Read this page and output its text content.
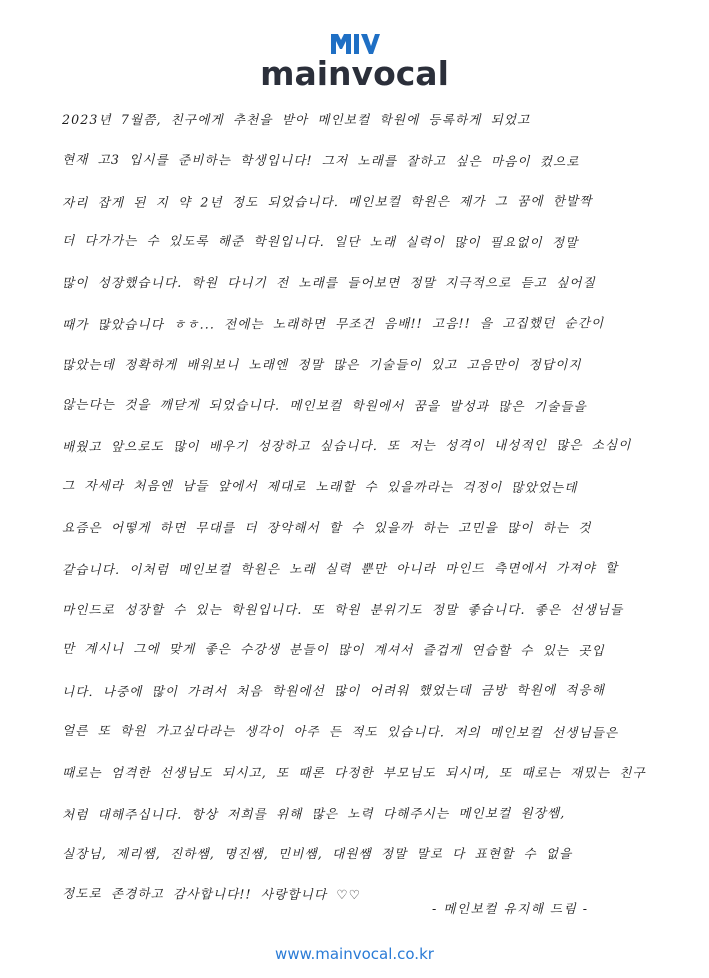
mainvocal
2023년 7월쯤, 친구에게 추천을 받아 메인보컬 학원에 등록하게 되었고
현재 고3 입시를 준비하는 학생입니다! 그저 노래를 잘하고 싶은 마음이 컸으로
자리 잡게 된 지 약 2년 정도 되었습니다. 메인보컬 학원은 제가 그 꿈에 한발짝
더 다가가는 수 있도록 해준 학원입니다. 일단 노래 실력이 많이 필요없이 정말
많이 성장했습니다. 학원 다니기 전 노래를 들어보면 정말 지극적으로 듣고 싶어질
때가 많았습니다 ㅎㅎ... 전에는 노래하면 무조건 음배!! 고음!! 을 고집했던 순간이
많았는데 정확하게 배워보니 노래엔 정말 많은 기술들이 있고 고음만이 정답이지
않는다는 것을 깨닫게 되었습니다. 메인보컬 학원에서 꿈을 발성과 많은 기술들을
배웠고 앞으로도 많이 배우기 성장하고 싶습니다. 또 저는 성격이 내성적인 많은 소심이
그 자세라 처음엔 남들 앞에서 제대로 노래할 수 있을까라는 걱정이 많았었는데
요즘은 어떻게 하면 무대를 더 장악해서 할 수 있을까 하는 고민을 많이 하는 것
같습니다. 이처럼 메인보컬 학원은 노래 실력 뿐만 아니라 마인드 측면에서 가져야 할
마인드로 성장할 수 있는 학원입니다. 또 학원 분위기도 정말 좋습니다. 좋은 선생님들
만 계시니 그에 맞게 좋은 수강생 분들이 많이 계셔서 즐겁게 연습할 수 있는 곳입
니다. 나중에 많이 가려서 처음 학원에선 많이 어려워 했었는데 금방 학원에 적응해
얼른 또 학원 가고싶다라는 생각이 아주 든 적도 있습니다. 저의 메인보컬 선생님들은
때로는 엄격한 선생님도 되시고, 또 때론 다정한 부모님도 되시며, 또 때로는 재밌는 친구
처럼 대해주십니다. 항상 저희를 위해 많은 노력 다해주시는 메인보컬 원장쌤,
실장님, 제리쌤, 진하쌤, 명진쌤, 민비쌤, 대원쌤 정말 말로 다 표현할 수 없을
정도로 존경하고 감사합니다!! 사랑합니다 ♡♡
- 메인보컬 유지해 드림 -
www.mainvocal.co.kr
